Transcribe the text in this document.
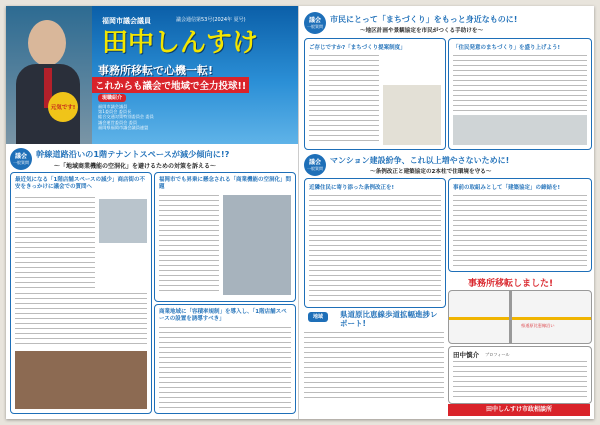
元気です!
福岡市議会議員	議会通信第53号(2024年 夏号)
田中しんすけ
事務所移転で心機一転!
これからも議会で地域で全力投球!!
現職紹介
福岡市議会議員
第1委員会 委員長
総合交通対策特別委員会 委員
議会運営委員会 委員
福岡県福岡市議会議員連盟
議会
一般質問
幹線道路沿いの1階テナントスペースが減少傾向に!?
〜「地域商業機能の空洞化」を避けるための対策を訴える〜
最近気になる「1階店舗スペースの減少」商店街の不安をきっかけに議会での質問へ
福岡市でも昇乗に懸念される「商業機能の空洞化」問題
商業地域に「容積率規制」を導入し、「1階店舗スペースの設置を誘導すべき」
議会
一般質問
市民にとって「まちづくり」をもっと身近なものに!
〜地区計画や景観協定を市民がつくる手助けを〜
ご存じですか?「まちづくり提案制度」	「住民発意のまちづくり」を盛り上げよう!
議会
一般質問
マンション建設紛争、これ以上増やさないために!
〜条例改正と建築協定の2本柱で住環境を守る〜
近隣住民に寄り添った条例改正を!	事前の取組みとして「建築協定」の締結を!
事務所移転しました!
県道原比恵線沿い
地域	県道原比恵線歩道拡幅進捗レポート!
田中慎介 プロフィール
田中しんすけ市政相談所
